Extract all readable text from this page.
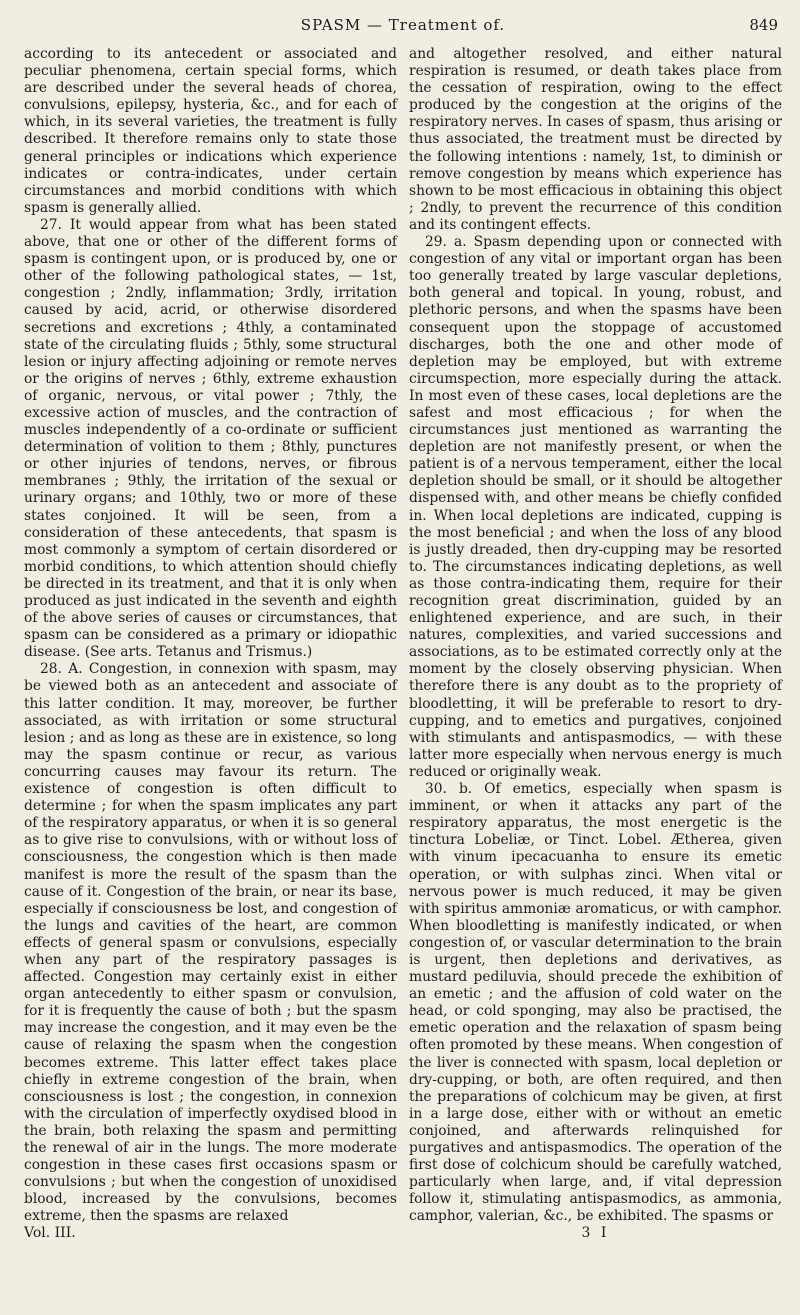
SPASM — Treatment of.	849

according to its antecedent or associated and peculiar phenomena, certain special forms, which are described under the several heads of chorea, convulsions, epilepsy, hysteria, &c., and for each of which, in its several varieties, the treatment is fully described. It therefore remains only to state those general principles or indications which experience indicates or contra-indicates, under certain circumstances and morbid conditions with which spasm is generally allied.

27. It would appear from what has been stated above, that one or other of the different forms of spasm is contingent upon, or is produced by, one or other of the following pathological states, — 1st, congestion ; 2ndly, inflammation; 3rdly, irritation caused by acid, acrid, or otherwise disordered secretions and excretions ; 4thly, a contaminated state of the circulating fluids ; 5thly, some structural lesion or injury affecting adjoining or remote nerves or the origins of nerves ; 6thly, extreme exhaustion of organic, nervous, or vital power ; 7thly, the excessive action of muscles, and the contraction of muscles independently of a co-ordinate or sufficient determination of volition to them ; 8thly, punctures or other injuries of tendons, nerves, or fibrous membranes ; 9thly, the irritation of the sexual or urinary organs; and 10thly, two or more of these states conjoined. It will be seen, from a consideration of these antecedents, that spasm is most commonly a symptom of certain disordered or morbid conditions, to which attention should chiefly be directed in its treatment, and that it is only when produced as just indicated in the seventh and eighth of the above series of causes or circumstances, that spasm can be considered as a primary or idiopathic disease. (See arts. Tetanus and Trismus.)

28. A. Congestion, in connexion with spasm, may be viewed both as an antecedent and associate of this latter condition. It may, moreover, be further associated, as with irritation or some structural lesion ; and as long as these are in existence, so long may the spasm continue or recur, as various concurring causes may favour its return. The existence of congestion is often difficult to determine ; for when the spasm implicates any part of the respiratory apparatus, or when it is so general as to give rise to convulsions, with or without loss of consciousness, the congestion which is then made manifest is more the result of the spasm than the cause of it. Congestion of the brain, or near its base, especially if consciousness be lost, and congestion of the lungs and cavities of the heart, are common effects of general spasm or convulsions, especially when any part of the respiratory passages is affected. Congestion may certainly exist in either organ antecedently to either spasm or convulsion, for it is frequently the cause of both ; but the spasm may increase the congestion, and it may even be the cause of relaxing the spasm when the congestion becomes extreme. This latter effect takes place chiefly in extreme congestion of the brain, when consciousness is lost ; the congestion, in connexion with the circulation of imperfectly oxydised blood in the brain, both relaxing the spasm and permitting the renewal of air in the lungs. The more moderate congestion in these cases first occasions spasm or convulsions ; but when the congestion of unoxidised blood, increased by the convulsions, becomes extreme, then the spasms are relaxed

and altogether resolved, and either natural respiration is resumed, or death takes place from the cessation of respiration, owing to the effect produced by the congestion at the origins of the respiratory nerves. In cases of spasm, thus arising or thus associated, the treatment must be directed by the following intentions : namely, 1st, to diminish or remove congestion by means which experience has shown to be most efficacious in obtaining this object ; 2ndly, to prevent the recurrence of this condition and its contingent effects.

29. a. Spasm depending upon or connected with congestion of any vital or important organ has been too generally treated by large vascular depletions, both general and topical. In young, robust, and plethoric persons, and when the spasms have been consequent upon the stoppage of accustomed discharges, both the one and other mode of depletion may be employed, but with extreme circumspection, more especially during the attack. In most even of these cases, local depletions are the safest and most efficacious ; for when the circumstances just mentioned as warranting the depletion are not manifestly present, or when the patient is of a nervous temperament, either the local depletion should be small, or it should be altogether dispensed with, and other means be chiefly confided in. When local depletions are indicated, cupping is the most beneficial ; and when the loss of any blood is justly dreaded, then dry-cupping may be resorted to. The circumstances indicating depletions, as well as those contra-indicating them, require for their recognition great discrimination, guided by an enlightened experience, and are such, in their natures, complexities, and varied successions and associations, as to be estimated correctly only at the moment by the closely observing physician. When therefore there is any doubt as to the propriety of bloodletting, it will be preferable to resort to dry-cupping, and to emetics and purgatives, conjoined with stimulants and antispasmodics, — with these latter more especially when nervous energy is much reduced or originally weak.

30. b. Of emetics, especially when spasm is imminent, or when it attacks any part of the respiratory apparatus, the most energetic is the tinctura Lobeliæ, or Tinct. Lobel. Ætherea, given with vinum ipecacuanha to ensure its emetic operation, or with sulphas zinci. When vital or nervous power is much reduced, it may be given with spiritus ammoniæ aromaticus, or with camphor. When bloodletting is manifestly indicated, or when congestion of, or vascular determination to the brain is urgent, then depletions and derivatives, as mustard pediluvia, should precede the exhibition of an emetic ; and the affusion of cold water on the head, or cold sponging, may also be practised, the emetic operation and the relaxation of spasm being often promoted by these means. When congestion of the liver is connected with spasm, local depletion or dry-cupping, or both, are often required, and then the preparations of colchicum may be given, at first in a large dose, either with or without an emetic conjoined, and afterwards relinquished for purgatives and antispasmodics. The operation of the first dose of colchicum should be carefully watched, particularly when large, and, if vital depression follow it, stimulating antispasmodics, as ammonia, camphor, valerian, &c., be exhibited. The spasms or

Vol. III.	3 I
